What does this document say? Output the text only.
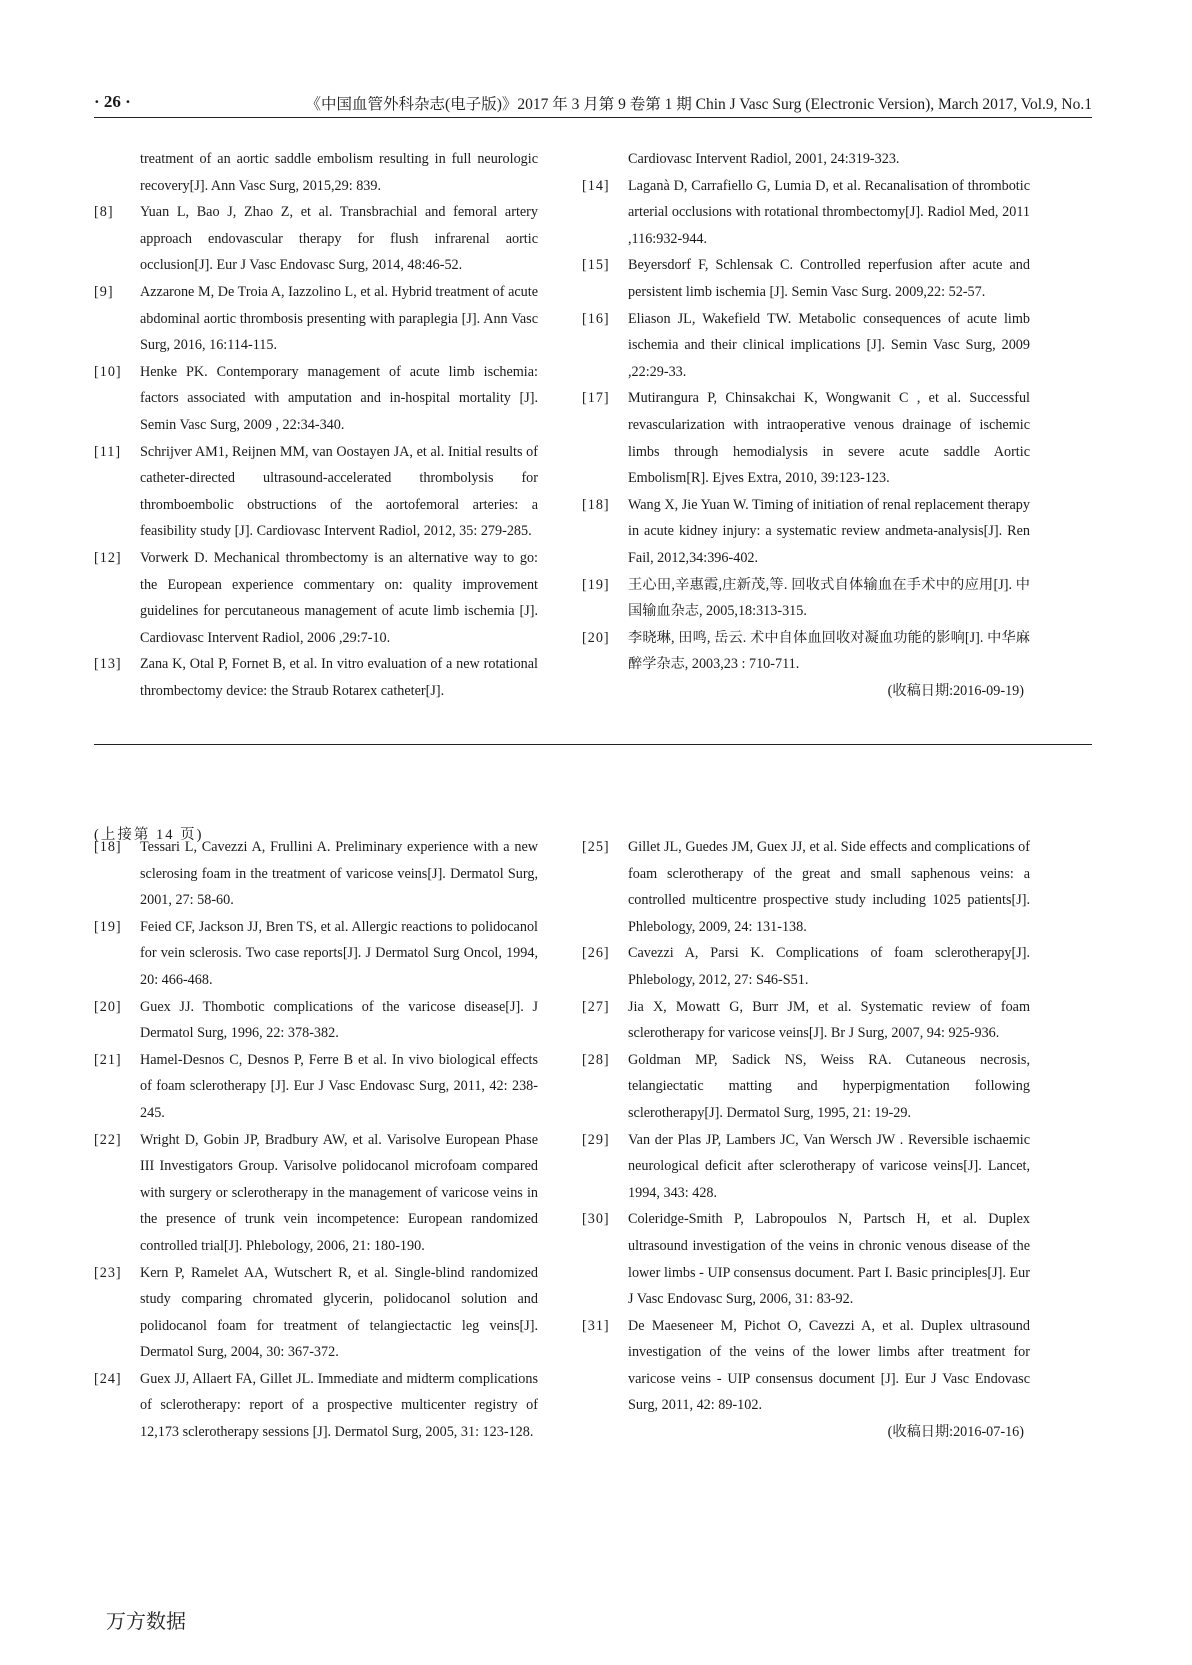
· 26 ·	《中国血管外科杂志(电子版)》2017 年 3 月第 9 卷第 1 期 Chin J Vasc Surg (Electronic Version), March 2017, Vol.9, No.1
treatment of an aortic saddle embolism resulting in full neurologic recovery[J]. Ann Vasc Surg, 2015,29: 839.
[8] Yuan L, Bao J, Zhao Z, et al. Transbrachial and femoral artery approach endovascular therapy for flush infrarenal aortic occlusion[J]. Eur J Vasc Endovasc Surg, 2014, 48:46-52.
[9] Azzarone M, De Troia A, Iazzolino L, et al. Hybrid treatment of acute abdominal aortic thrombosis presenting with paraplegia [J]. Ann Vasc Surg, 2016, 16:114-115.
[10] Henke PK. Contemporary management of acute limb ischemia: factors associated with amputation and in-hospital mortality [J]. Semin Vasc Surg, 2009 , 22:34-340.
[11] Schrijver AM1, Reijnen MM, van Oostayen JA, et al. Initial results of catheter-directed ultrasound-accelerated thrombolysis for thromboembolic obstructions of the aortofemoral arteries: a feasibility study [J]. Cardiovasc Intervent Radiol, 2012, 35: 279-285.
[12] Vorwerk D. Mechanical thrombectomy is an alternative way to go: the European experience commentary on: quality improvement guidelines for percutaneous management of acute limb ischemia [J]. Cardiovasc Intervent Radiol, 2006 ,29:7-10.
[13] Zana K, Otal P, Fornet B, et al. In vitro evaluation of a new rotational thrombectomy device: the Straub Rotarex catheter[J].
Cardiovasc Intervent Radiol, 2001, 24:319-323.
[14] Laganà D, Carrafiello G, Lumia D, et al. Recanalisation of thrombotic arterial occlusions with rotational thrombectomy[J]. Radiol Med, 2011 ,116:932-944.
[15] Beyersdorf F, Schlensak C. Controlled reperfusion after acute and persistent limb ischemia [J]. Semin Vasc Surg. 2009,22: 52-57.
[16] Eliason JL, Wakefield TW. Metabolic consequences of acute limb ischemia and their clinical implications [J]. Semin Vasc Surg, 2009 ,22:29-33.
[17] Mutirangura P, Chinsakchai K, Wongwanit C , et al. Successful revascularization with intraoperative venous drainage of ischemic limbs through hemodialysis in severe acute saddle Aortic Embolism[R]. Ejves Extra, 2010, 39:123-123.
[18] Wang X, Jie Yuan W. Timing of initiation of renal replacement therapy in acute kidney injury: a systematic review andmeta-analysis[J]. Ren Fail, 2012,34:396-402.
[19] 王心田,辛惠霞,庄新茂,等. 回收式自体输血在手术中的应用[J]. 中国输血杂志, 2005,18:313-315.
[20] 李晓琳, 田鸣, 岳云. 术中自体血回收对凝血功能的影响[J]. 中华麻醉学杂志, 2003,23 : 710-711.
(收稿日期:2016-09-19)
(上接第 14 页)
[18] Tessari L, Cavezzi A, Frullini A. Preliminary experience with a new sclerosing foam in the treatment of varicose veins[J]. Dermatol Surg, 2001, 27: 58-60.
[19] Feied CF, Jackson JJ, Bren TS, et al. Allergic reactions to polidocanol for vein sclerosis. Two case reports[J]. J Dermatol Surg Oncol, 1994, 20: 466-468.
[20] Guex JJ. Thombotic complications of the varicose disease[J]. J Dermatol Surg, 1996, 22: 378-382.
[21] Hamel-Desnos C, Desnos P, Ferre B et al. In vivo biological effects of foam sclerotherapy [J]. Eur J Vasc Endovasc Surg, 2011, 42: 238-245.
[22] Wright D, Gobin JP, Bradbury AW, et al. Varisolve European Phase III Investigators Group. Varisolve polidocanol microfoam compared with surgery or sclerotherapy in the management of varicose veins in the presence of trunk vein incompetence: European randomized controlled trial[J]. Phlebology, 2006, 21: 180-190.
[23] Kern P, Ramelet AA, Wutschert R, et al. Single-blind randomized study comparing chromated glycerin, polidocanol solution and polidocanol foam for treatment of telangiectactic leg veins[J]. Dermatol Surg, 2004, 30: 367-372.
[24] Guex JJ, Allaert FA, Gillet JL. Immediate and midterm complications of sclerotherapy: report of a prospective multicenter registry of 12,173 sclerotherapy sessions [J]. Dermatol Surg, 2005, 31: 123-128.
[25] Gillet JL, Guedes JM, Guex JJ, et al. Side effects and complications of foam sclerotherapy of the great and small saphenous veins: a controlled multicentre prospective study including 1025 patients[J]. Phlebology, 2009, 24: 131-138.
[26] Cavezzi A, Parsi K. Complications of foam sclerotherapy[J]. Phlebology, 2012, 27: S46-S51.
[27] Jia X, Mowatt G, Burr JM, et al. Systematic review of foam sclerotherapy for varicose veins[J]. Br J Surg, 2007, 94: 925-936.
[28] Goldman MP, Sadick NS, Weiss RA. Cutaneous necrosis, telangiectatic matting and hyperpigmentation following sclerotherapy[J]. Dermatol Surg, 1995, 21: 19-29.
[29] Van der Plas JP, Lambers JC, Van Wersch JW . Reversible ischaemic neurological deficit after sclerotherapy of varicose veins[J]. Lancet, 1994, 343: 428.
[30] Coleridge-Smith P, Labropoulos N, Partsch H, et al. Duplex ultrasound investigation of the veins in chronic venous disease of the lower limbs - UIP consensus document. Part I. Basic principles[J]. Eur J Vasc Endovasc Surg, 2006, 31: 83-92.
[31] De Maeseneer M, Pichot O, Cavezzi A, et al. Duplex ultrasound investigation of the veins of the lower limbs after treatment for varicose veins - UIP consensus document [J]. Eur J Vasc Endovasc Surg, 2011, 42: 89-102.
(收稿日期:2016-07-16)
万方数据
